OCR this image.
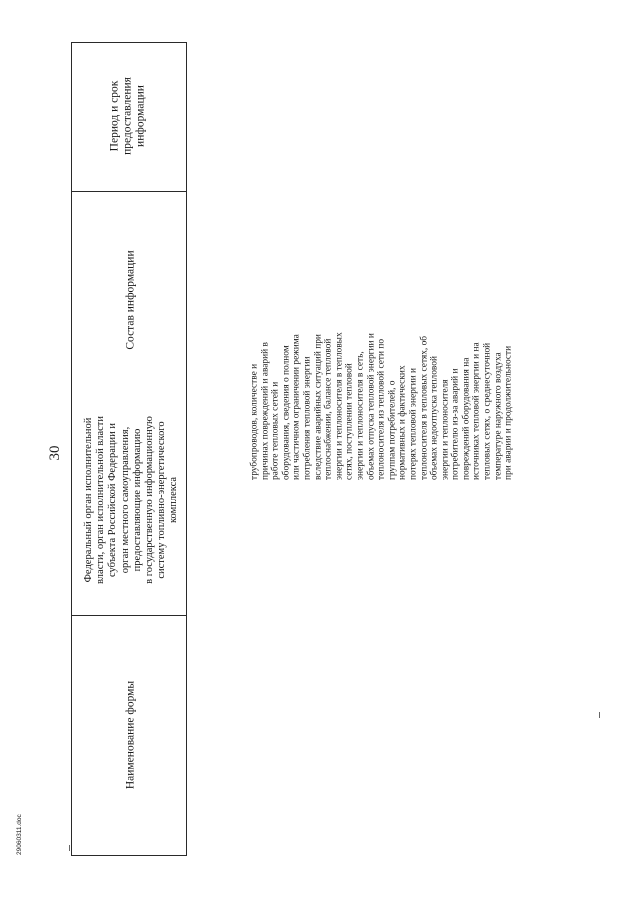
30
Период и срок
предоставления
информации
Состав информации
Наименование формы
Федеральный орган исполнительной
власти, орган исполнительной власти
субъекта Российской Федерации и
орган местного самоуправления,
предоставляющие информацию
в государственную информационную
систему топливно-энергетического
комплекса
трубопроводов, количестве и
причинах повреждений и аварий в
работе тепловых сетей и
оборудования, сведения о полном
или частичном ограничении режима
потребления тепловой энергии
вследствие аварийных ситуаций при
теплоснабжении, балансе тепловой
энергии и теплоносителя в тепловых
сетях, поступлении тепловой
энергии и теплоносителя в сеть,
объемах отпуска тепловой энергии и
теплоносителя из тепловой сети по
группам потребителей, о
нормативных и фактических
потерях тепловой энергии и
теплоносителя в тепловых сетях, об
объемах недоотпуска тепловой
энергии и теплоносителя
потребителю из-за аварий и
повреждений оборудования на
источниках тепловой энергии и на
тепловых сетях, о среднесуточной
температуре наружного воздуха
при аварии и продолжительности
29060311.doc
